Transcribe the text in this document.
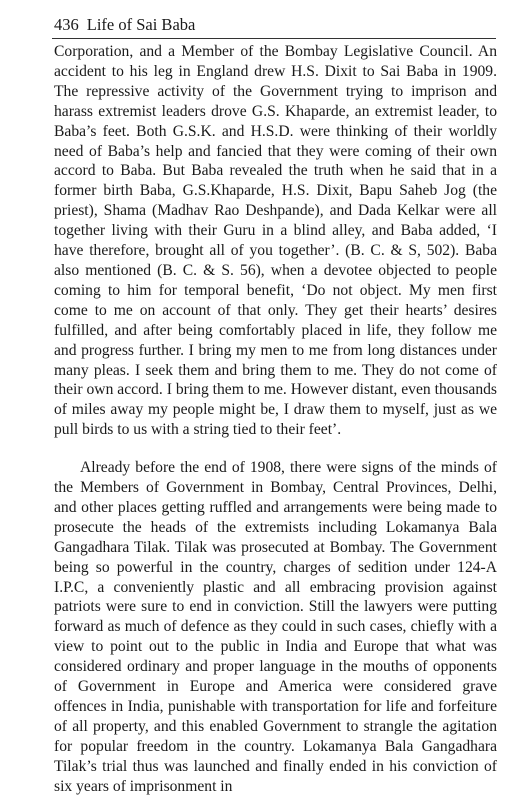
436 Life of Sai Baba

Corporation, and a Member of the Bombay Legislative Council. An accident to his leg in England drew H.S. Dixit to Sai Baba in 1909. The repressive activity of the Government trying to imprison and harass extremist leaders drove G.S. Khaparde, an extremist leader, to Baba’s feet. Both G.S.K. and H.S.D. were thinking of their worldly need of Baba’s help and fancied that they were coming of their own accord to Baba. But Baba revealed the truth when he said that in a former birth Baba, G.S.Khaparde, H.S. Dixit, Bapu Saheb Jog (the priest), Shama (Madhav Rao Deshpande), and Dada Kelkar were all together living with their Guru in a blind alley, and Baba added, ‘I have therefore, brought all of you together’. (B. C. & S, 502). Baba also mentioned (B. C. & S. 56), when a devotee objected to people coming to him for temporal benefit, ‘Do not object. My men first come to me on account of that only. They get their hearts’ desires fulfilled, and after being comfortably placed in life, they follow me and progress further. I bring my men to me from long distances under many pleas. I seek them and bring them to me. They do not come of their own accord. I bring them to me. However distant, even thousands of miles away my people might be, I draw them to myself, just as we pull birds to us with a string tied to their feet’.

Already before the end of 1908, there were signs of the minds of the Members of Government in Bombay, Central Provinces, Delhi, and other places getting ruffled and arrangements were being made to prosecute the heads of the extremists including Lokamanya Bala Gangadhara Tilak. Tilak was prosecuted at Bombay. The Government being so powerful in the country, charges of sedition under 124-A I.P.C, a conveniently plastic and all embracing provision against patriots were sure to end in conviction. Still the lawyers were putting forward as much of defence as they could in such cases, chiefly with a view to point out to the public in India and Europe that what was considered ordinary and proper language in the mouths of opponents of Government in Europe and America were considered grave offences in India, punishable with transportation for life and forfeiture of all property, and this enabled Government to strangle the agitation for popular freedom in the country. Lokamanya Bala Gangadhara Tilak’s trial thus was launched and finally ended in his conviction of six years of imprisonment in
